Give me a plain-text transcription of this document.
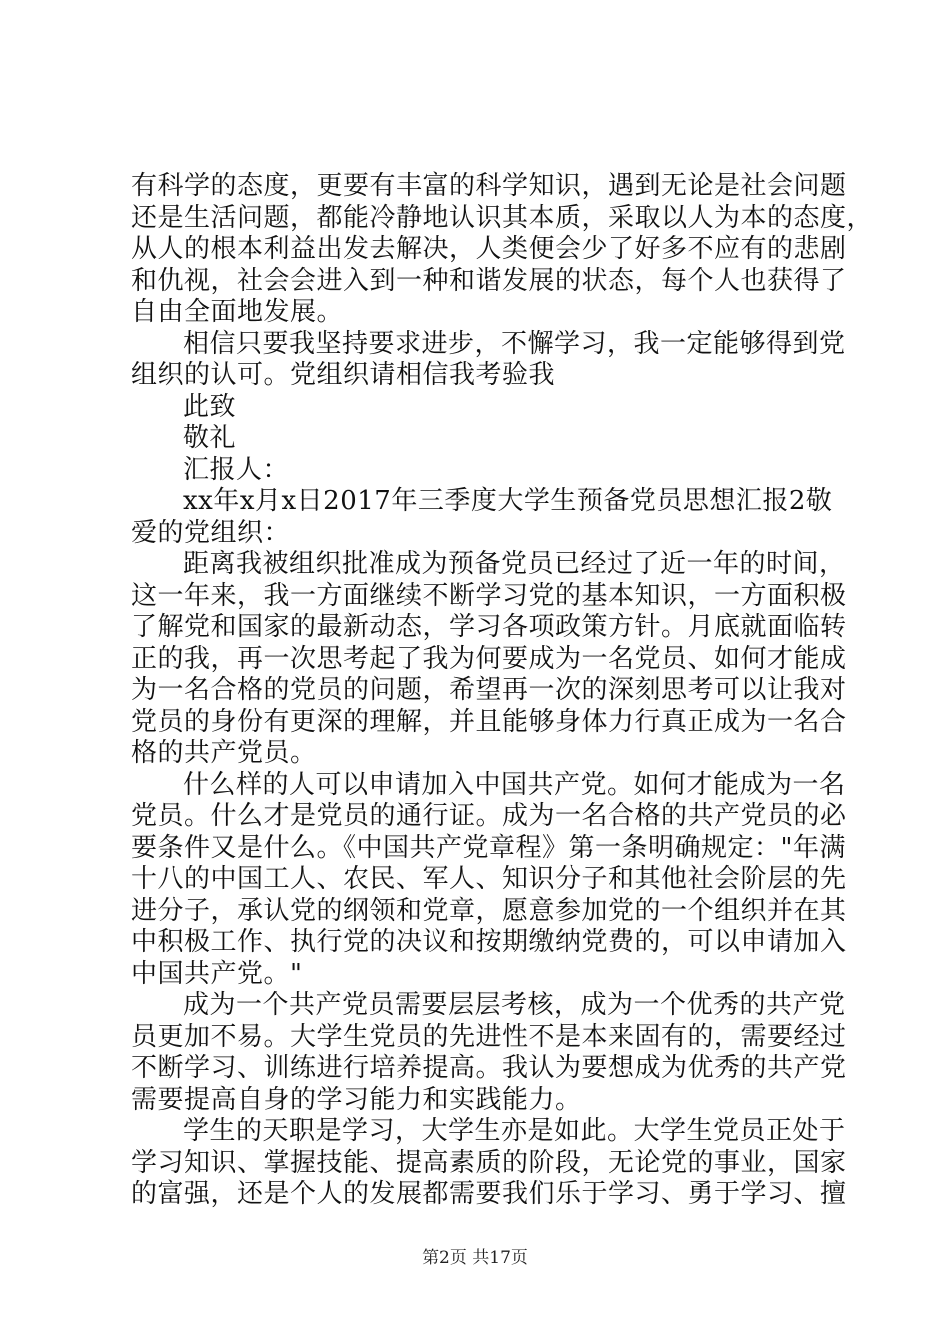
有科学的态度，更要有丰富的科学知识，遇到无论是社会问题
还是生活问题，都能冷静地认识其本质，采取以人为本的态度，
从人的根本利益出发去解决，人类便会少了好多不应有的悲剧
和仇视，社会会进入到一种和谐发展的状态，每个人也获得了
自由全面地发展。
相信只要我坚持要求进步，不懈学习，我一定能够得到党
组织的认可。党组织请相信我考验我
此致
敬礼
汇报人：
xx年x月x日2017年三季度大学生预备党员思想汇报2敬
爱的党组织：
距离我被组织批准成为预备党员已经过了近一年的时间，
这一年来，我一方面继续不断学习党的基本知识，一方面积极
了解党和国家的最新动态，学习各项政策方针。月底就面临转
正的我，再一次思考起了我为何要成为一名党员、如何才能成
为一名合格的党员的问题，希望再一次的深刻思考可以让我对
党员的身份有更深的理解，并且能够身体力行真正成为一名合
格的共产党员。
什么样的人可以申请加入中国共产党。如何才能成为一名
党员。什么才是党员的通行证。成为一名合格的共产党员的必
要条件又是什么。《中国共产党章程》第一条明确规定："年满
十八的中国工人、农民、军人、知识分子和其他社会阶层的先
进分子，承认党的纲领和党章，愿意参加党的一个组织并在其
中积极工作、执行党的决议和按期缴纳党费的，可以申请加入
中国共产党。"
成为一个共产党员需要层层考核，成为一个优秀的共产党
员更加不易。大学生党员的先进性不是本来固有的，需要经过
不断学习、训练进行培养提高。我认为要想成为优秀的共产党
需要提高自身的学习能力和实践能力。
学生的天职是学习，大学生亦是如此。大学生党员正处于
学习知识、掌握技能、提高素质的阶段，无论党的事业，国家
的富强，还是个人的发展都需要我们乐于学习、勇于学习、擅
第2页 共17页
